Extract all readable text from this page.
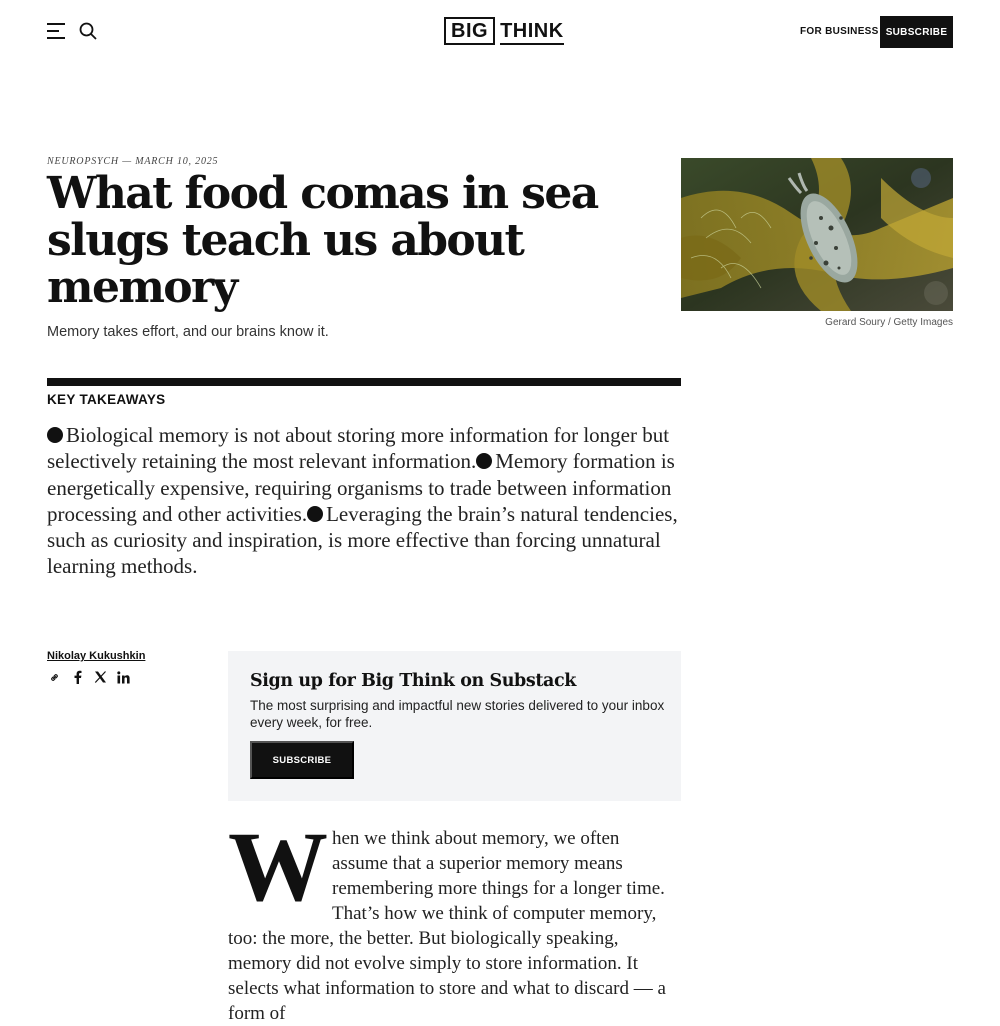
BIG THINK	FOR BUSINESS SUBSCRIBE
NEUROPSYCH — MARCH 10, 2025
What food comas in sea slugs teach us about memory

Memory takes effort, and our brains know it.

Gerard Soury / Getty Images
KEY TAKEAWAYS
Biological memory is not about storing more information for longer but selectively retaining the most relevant information. Memory formation is energetically expensive, requiring organisms to trade between information processing and other activities. Leveraging the brain’s natural tendencies, such as curiosity and inspiration, is more effective than forcing unnatural learning methods.
Nikolay Kukushkin
Sign up for Big Think on Substack

The most surprising and impactful new stories delivered to your inbox every week, for free.

SUBSCRIBE
When we think about memory, we often assume that a superior memory means remembering more things for a longer time. That’s how we think of computer memory, too: the more, the better. But biologically speaking, memory did not evolve simply to store information. It selects what information to store and what to discard — a form of
